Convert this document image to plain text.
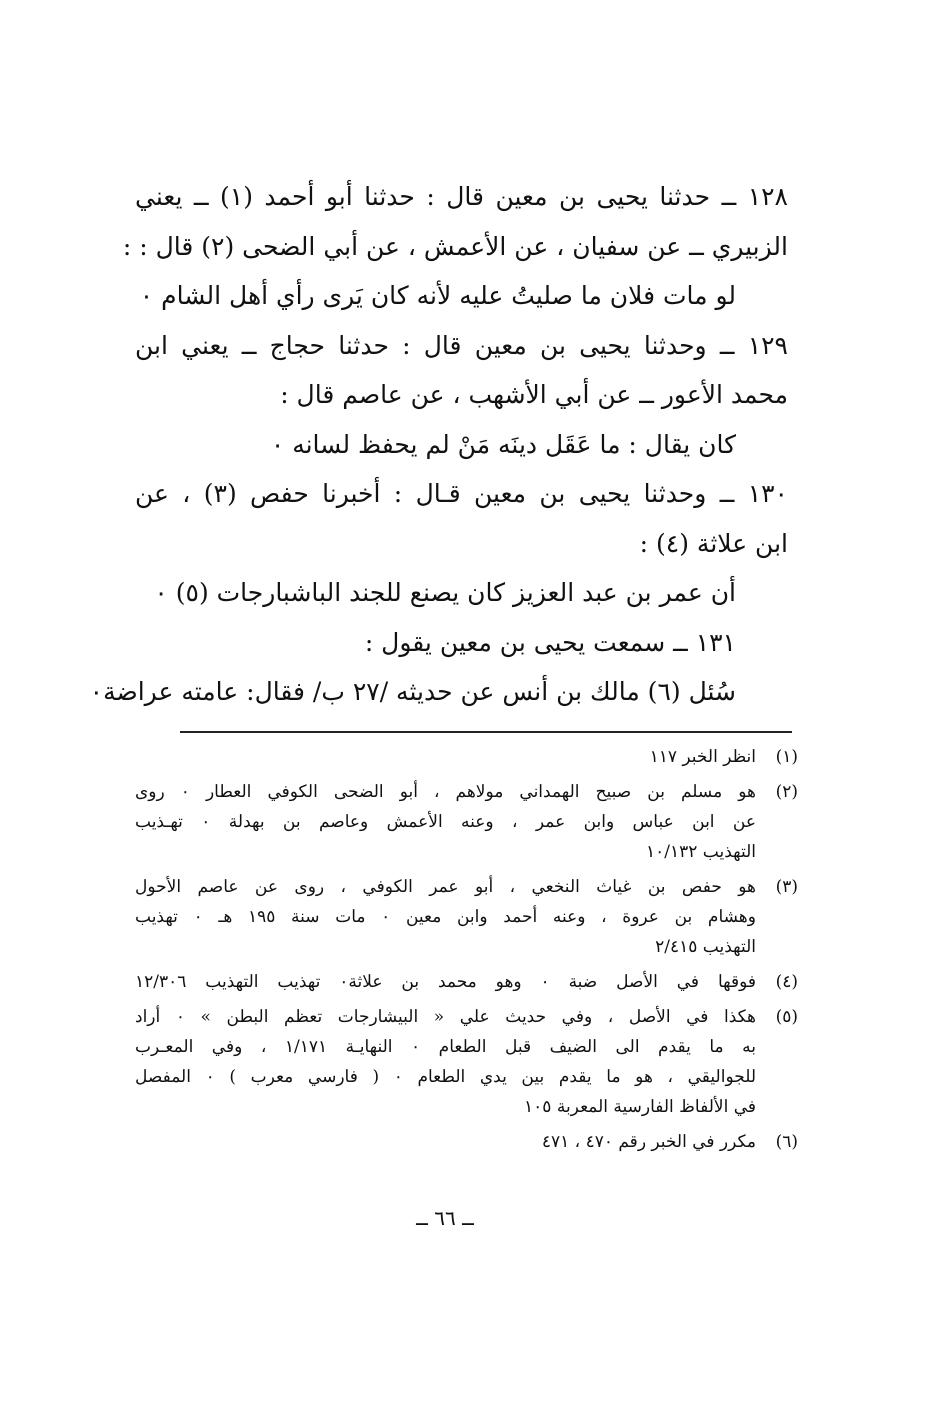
١٢٨ ــ حدثنا يحيى بن معين قال : حدثنا أبو أحمد (١) ــ يعني
الزبيري ــ عن سفيان ، عن الأعمش ، عن أبي الضحى (٢) قال : :
لو مات فلان ما صليتُ عليه لأنه كان يَرى رأي أهل الشام ٠
١٢٩ ــ وحدثنا يحيى بن معين قال : حدثنا حجاج ــ يعني ابن
محمد الأعور ــ عن أبي الأشهب ، عن عاصم قال :
كان يقال : ما عَقَل دينَه مَنْ لم يحفظ لسانه ٠
١٣٠ ــ وحدثنا يحيى بن معين قـال : أخبرنا حفص (٣) ، عن
ابن علاثة (٤) :
أن عمر بن عبد العزيز كان يصنع للجند الباشبارجات (٥) ٠
١٣١ ــ سمعت يحيى بن معين يقول :
سُئل (٦) مالك بن أنس عن حديثه /٢٧ ب/ فقال: عامته عراضة٠
(١)
انظر الخبر ١١٧
(٢)
هو مسلم بن صبيح الهمداني مولاهم ، أبو الضحى الكوفي العطار ٠ روى
عن ابن عباس وابن عمر ، وعنه الأعمش وعاصم بن بهدلة ٠ تهـذيب
التهذيب ١٠/١٣٢
(٣)
هو حفص بن غياث النخعي ، أبو عمر الكوفي ، روى عن عاصم الأحول
وهشام بن عروة ، وعنه أحمد وابن معين ٠ مات سنة ١٩٥ هـ ٠ تهذيب
التهذيب ٢/٤١٥
(٤)
فوقها في الأصل ضبة ٠ وهو محمد بن علاثة٠ تهذيب التهذيب ١٢/٣٠٦
(٥)
هكذا في الأصل ، وفي حديث علي « البيشارجات تعظم البطن » ٠ أراد
به ما يقدم الى الضيف قبل الطعام ٠ النهايـة ١/١٧١ ، وفي المعـرب
للجواليقي ، هو ما يقدم بين يدي الطعام ٠ ( فارسي معرب ) ٠ المفصل
في الألفاظ الفارسية المعربة ١٠٥
(٦)
مكرر في الخبر رقم ٤٧٠ ، ٤٧١
ــ ٦٦ ــ
